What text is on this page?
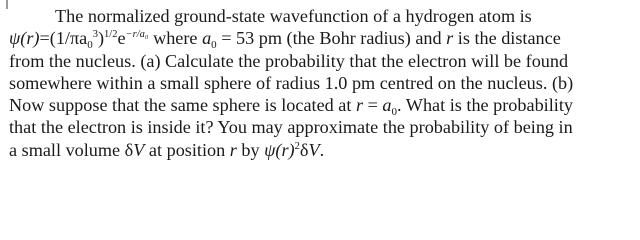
The normalized ground-state wavefunction of a hydrogen atom is
$\psi(r)=(1/\pi a_0^3)^{1/2}e^{-r/a_0}$ where $a_0 = 53$ pm (the Bohr radius) and r is the distance
from the nucleus. (a) Calculate the probability that the electron will be found
somewhere within a small sphere of radius 1.0 pm centred on the nucleus. (b)
Now suppose that the same sphere is located at $r = a_0$. What is the probability
that the electron is inside it? You may approximate the probability of being in
a small volume δV at position r by $\psi(r)^2\delta V$.
